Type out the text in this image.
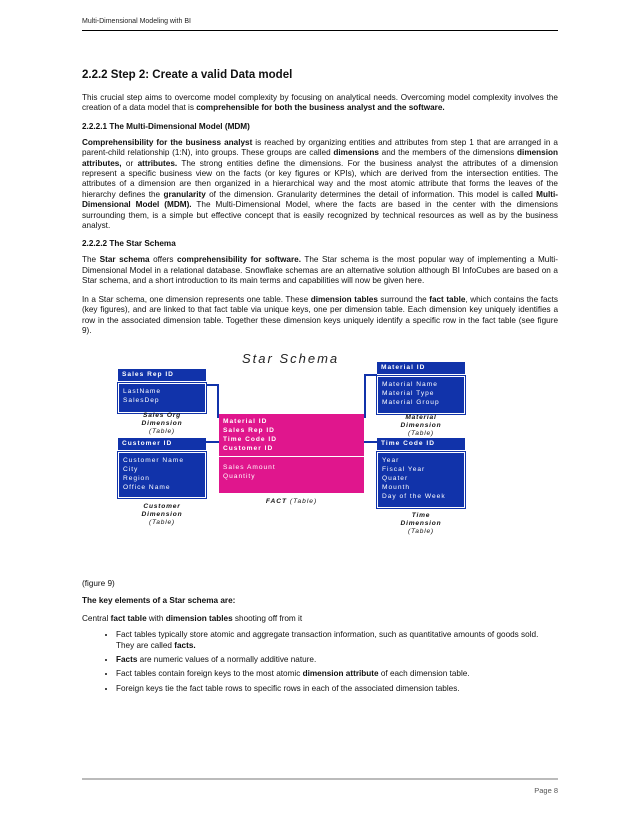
Multi-Dimensional Modeling with BI
2.2.2 Step 2: Create a valid Data model

This crucial step aims to overcome model complexity by focusing on analytical needs. Overcoming model complexity involves the creation of a data model that is comprehensible for both the business analyst and the software.

2.2.2.1 The Multi-Dimensional Model (MDM)

Comprehensibility for the business analyst is reached by organizing entities and attributes from step 1 that are arranged in a parent-child relationship (1:N), into groups. These groups are called dimensions and the members of the dimensions dimension attributes, or attributes. The strong entities define the dimensions. For the business analyst the attributes of a dimension represent a specific business view on the facts (or key figures or KPIs), which are derived from the intersection entities. The attributes of a dimension are then organized in a hierarchical way and the most atomic attribute that forms the leaves of the hierarchy defines the granularity of the dimension. Granularity determines the detail of information. This model is called Multi-Dimensional Model (MDM). The Multi-Dimensional Model, where the facts are based in the center with the dimensions surrounding them, is a simple but effective concept that is easily recognized by technical resources as well as by the business analyst.

2.2.2.2 The Star Schema

The Star schema offers comprehensibility for software. The Star schema is the most popular way of implementing a Multi-Dimensional Model in a relational database. Snowflake schemas are an alternative solution although BI InfoCubes are based on a Star schema, and a short introduction to its main terms and capabilities will now be given here.

In a Star schema, one dimension represents one table. These dimension tables surround the fact table, which contains the facts (key figures), and are linked to that fact table via unique keys, one per dimension table. Each dimension key uniquely identifies a row in the associated dimension table. Together these dimension keys uniquely identify a specific row in the fact table (see figure 9).

Star Schema
Sales Rep ID
LastName
SalesDep
Sales Org
Dimension
(Table)
Customer ID
Customer Name
City
Region
Office Name
Customer
Dimension
(Table)
Material ID
Sales Rep ID
Time Code ID
Customer ID
Sales Amount
Quantity
FACT (Table)
Material ID
Material Name
Material Type
Material Group
Material
Dimension
(Table)
Time Code ID
Year
Fiscal Year
Quater
Mounth
Day of the Week
Time
Dimension
(Table)
(figure 9)

The key elements of a Star schema are:

Central fact table with dimension tables shooting off from it

• Fact tables typically store atomic and aggregate transaction information, such as quantitative amounts of goods sold. They are called facts.
• Facts are numeric values of a normally additive nature.
• Fact tables contain foreign keys to the most atomic dimension attribute of each dimension table.
• Foreign keys tie the fact table rows to specific rows in each of the associated dimension tables.
Page 8
